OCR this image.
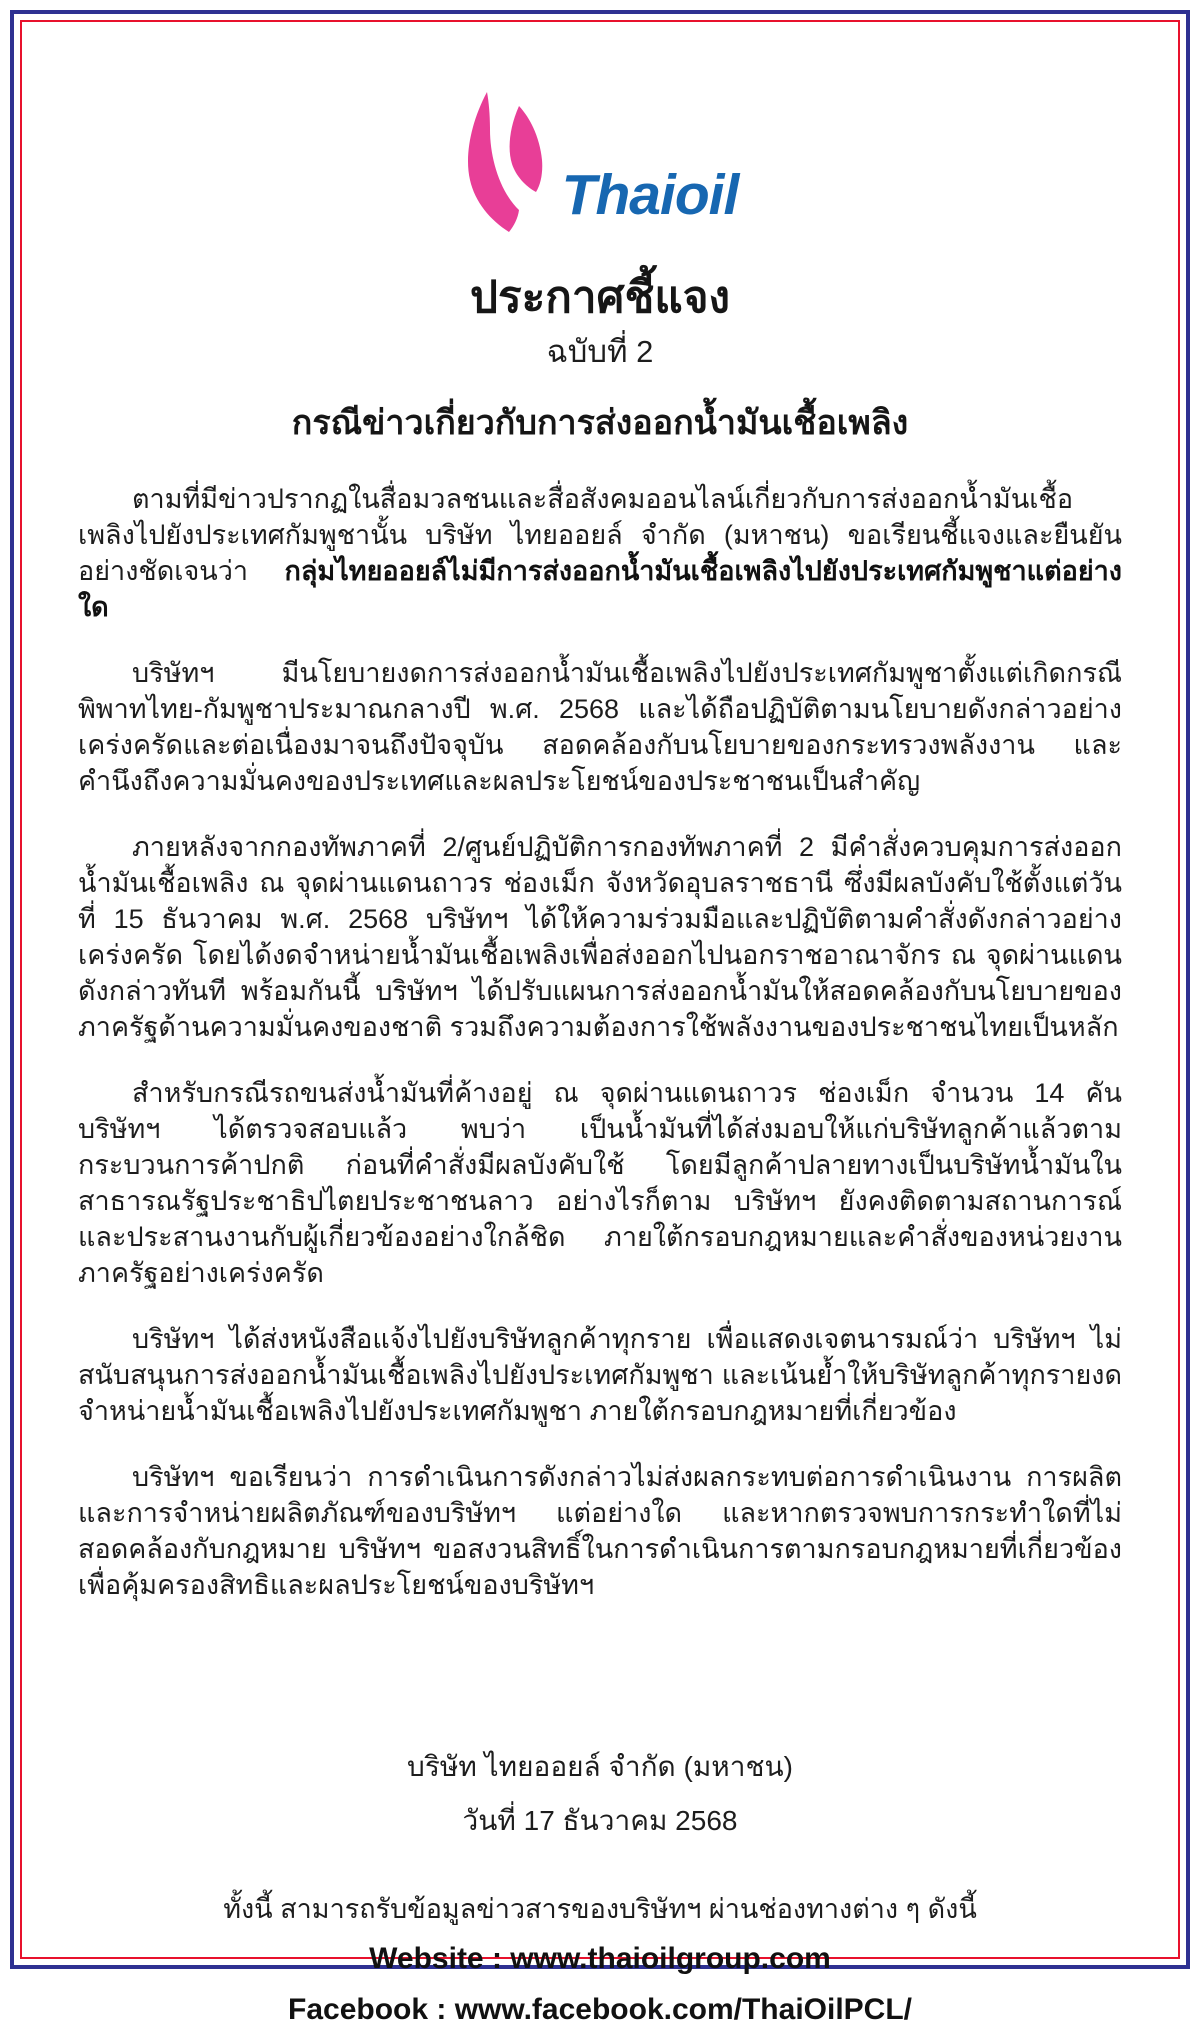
Thaioil
ประกาศชี้แจง
ฉบับที่ 2
กรณีข่าวเกี่ยวกับการส่งออกน้ำมันเชื้อเพลิง

ตามที่มีข่าวปรากฏในสื่อมวลชนและสื่อสังคมออนไลน์เกี่ยวกับการส่งออกน้ำมันเชื้อเพลิงไปยังประเทศกัมพูชานั้น บริษัท ไทยออยล์ จำกัด (มหาชน) ขอเรียนชี้แจงและยืนยันอย่างชัดเจนว่า กลุ่มไทยออยล์ไม่มีการส่งออกน้ำมันเชื้อเพลิงไปยังประเทศกัมพูชาแต่อย่างใด

บริษัทฯ มีนโยบายงดการส่งออกน้ำมันเชื้อเพลิงไปยังประเทศกัมพูชาตั้งแต่เกิดกรณีพิพาทไทย-กัมพูชาประมาณกลางปี พ.ศ. 2568 และได้ถือปฏิบัติตามนโยบายดังกล่าวอย่างเคร่งครัดและต่อเนื่องมาจนถึงปัจจุบัน สอดคล้องกับนโยบายของกระทรวงพลังงาน และคำนึงถึงความมั่นคงของประเทศและผลประโยชน์ของประชาชนเป็นสำคัญ

ภายหลังจากกองทัพภาคที่ 2/ศูนย์ปฏิบัติการกองทัพภาคที่ 2 มีคำสั่งควบคุมการส่งออกน้ำมันเชื้อเพลิง ณ จุดผ่านแดนถาวร ช่องเม็ก จังหวัดอุบลราชธานี ซึ่งมีผลบังคับใช้ตั้งแต่วันที่ 15 ธันวาคม พ.ศ. 2568 บริษัทฯ ได้ให้ความร่วมมือและปฏิบัติตามคำสั่งดังกล่าวอย่างเคร่งครัด โดยได้งดจำหน่ายน้ำมันเชื้อเพลิงเพื่อส่งออกไปนอกราชอาณาจักร ณ จุดผ่านแดนดังกล่าวทันที พร้อมกันนี้ บริษัทฯ ได้ปรับแผนการส่งออกน้ำมันให้สอดคล้องกับนโยบายของภาครัฐด้านความมั่นคงของชาติ รวมถึงความต้องการใช้พลังงานของประชาชนไทยเป็นหลัก

สำหรับกรณีรถขนส่งน้ำมันที่ค้างอยู่ ณ จุดผ่านแดนถาวร ช่องเม็ก จำนวน 14 คัน บริษัทฯ ได้ตรวจสอบแล้ว พบว่า เป็นน้ำมันที่ได้ส่งมอบให้แก่บริษัทลูกค้าแล้วตามกระบวนการค้าปกติ ก่อนที่คำสั่งมีผลบังคับใช้ โดยมีลูกค้าปลายทางเป็นบริษัทน้ำมันในสาธารณรัฐประชาธิปไตยประชาชนลาว อย่างไรก็ตาม บริษัทฯ ยังคงติดตามสถานการณ์และประสานงานกับผู้เกี่ยวข้องอย่างใกล้ชิด ภายใต้กรอบกฎหมายและคำสั่งของหน่วยงานภาครัฐอย่างเคร่งครัด

บริษัทฯ ได้ส่งหนังสือแจ้งไปยังบริษัทลูกค้าทุกราย เพื่อแสดงเจตนารมณ์ว่า บริษัทฯ ไม่สนับสนุนการส่งออกน้ำมันเชื้อเพลิงไปยังประเทศกัมพูชา และเน้นย้ำให้บริษัทลูกค้าทุกรายงดจำหน่ายน้ำมันเชื้อเพลิงไปยังประเทศกัมพูชา ภายใต้กรอบกฎหมายที่เกี่ยวข้อง

บริษัทฯ ขอเรียนว่า การดำเนินการดังกล่าวไม่ส่งผลกระทบต่อการดำเนินงาน การผลิต และการจำหน่ายผลิตภัณฑ์ของบริษัทฯ แต่อย่างใด และหากตรวจพบการกระทำใดที่ไม่สอดคล้องกับกฎหมาย บริษัทฯ ขอสงวนสิทธิ์ในการดำเนินการตามกรอบกฎหมายที่เกี่ยวข้อง เพื่อคุ้มครองสิทธิและผลประโยชน์ของบริษัทฯ

บริษัท ไทยออยล์ จำกัด (มหาชน)
วันที่ 17 ธันวาคม 2568
ทั้งนี้ สามารถรับข้อมูลข่าวสารของบริษัทฯ ผ่านช่องทางต่าง ๆ ดังนี้
Website : www.thaioilgroup.com
Facebook : www.facebook.com/ThaiOilPCL/
